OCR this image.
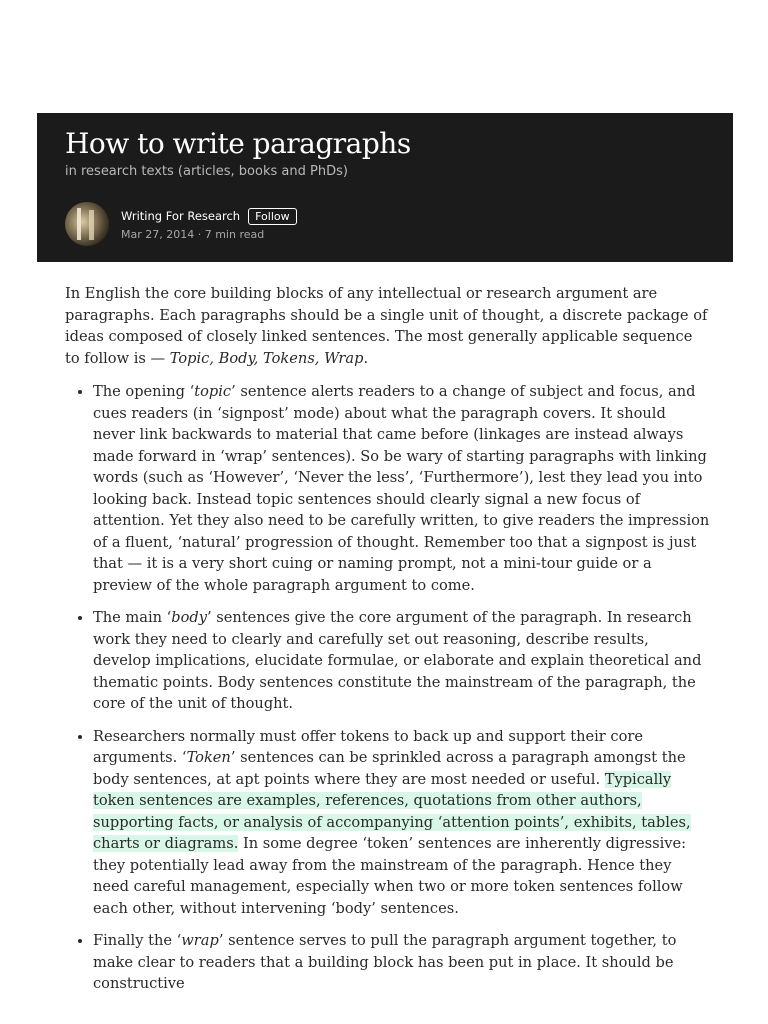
How to write paragraphs
in research texts (articles, books and PhDs)
Writing For Research	Follow
Mar 27, 2014 · 7 min read

In English the core building blocks of any intellectual or research argument are paragraphs. Each paragraphs should be a single unit of thought, a discrete package of ideas composed of closely linked sentences. The most generally applicable sequence to follow is — Topic, Body, Tokens, Wrap.

• The opening ‘topic’ sentence alerts readers to a change of subject and focus, and cues readers (in ‘signpost’ mode) about what the paragraph covers. It should never link backwards to material that came before (linkages are instead always made forward in ‘wrap’ sentences). So be wary of starting paragraphs with linking words (such as ‘However’, ‘Never the less’, ‘Furthermore’), lest they lead you into looking back. Instead topic sentences should clearly signal a new focus of attention. Yet they also need to be carefully written, to give readers the impression of a fluent, ‘natural’ progression of thought. Remember too that a signpost is just that — it is a very short cuing or naming prompt, not a mini-tour guide or a preview of the whole paragraph argument to come.
• The main ‘body’ sentences give the core argument of the paragraph. In research work they need to clearly and carefully set out reasoning, describe results, develop implications, elucidate formulae, or elaborate and explain theoretical and thematic points. Body sentences constitute the mainstream of the paragraph, the core of the unit of thought.
• Researchers normally must offer tokens to back up and support their core arguments. ‘Token’ sentences can be sprinkled across a paragraph amongst the body sentences, at apt points where they are most needed or useful. Typically token sentences are examples, references, quotations from other authors, supporting facts, or analysis of accompanying ‘attention points’, exhibits, tables, charts or diagrams. In some degree ‘token’ sentences are inherently digressive: they potentially lead away from the mainstream of the paragraph. Hence they need careful management, especially when two or more token sentences follow each other, without intervening ‘body’ sentences.
• Finally the ‘wrap’ sentence serves to pull the paragraph argument together, to make clear to readers that a building block has been put in place. It should be constructive
